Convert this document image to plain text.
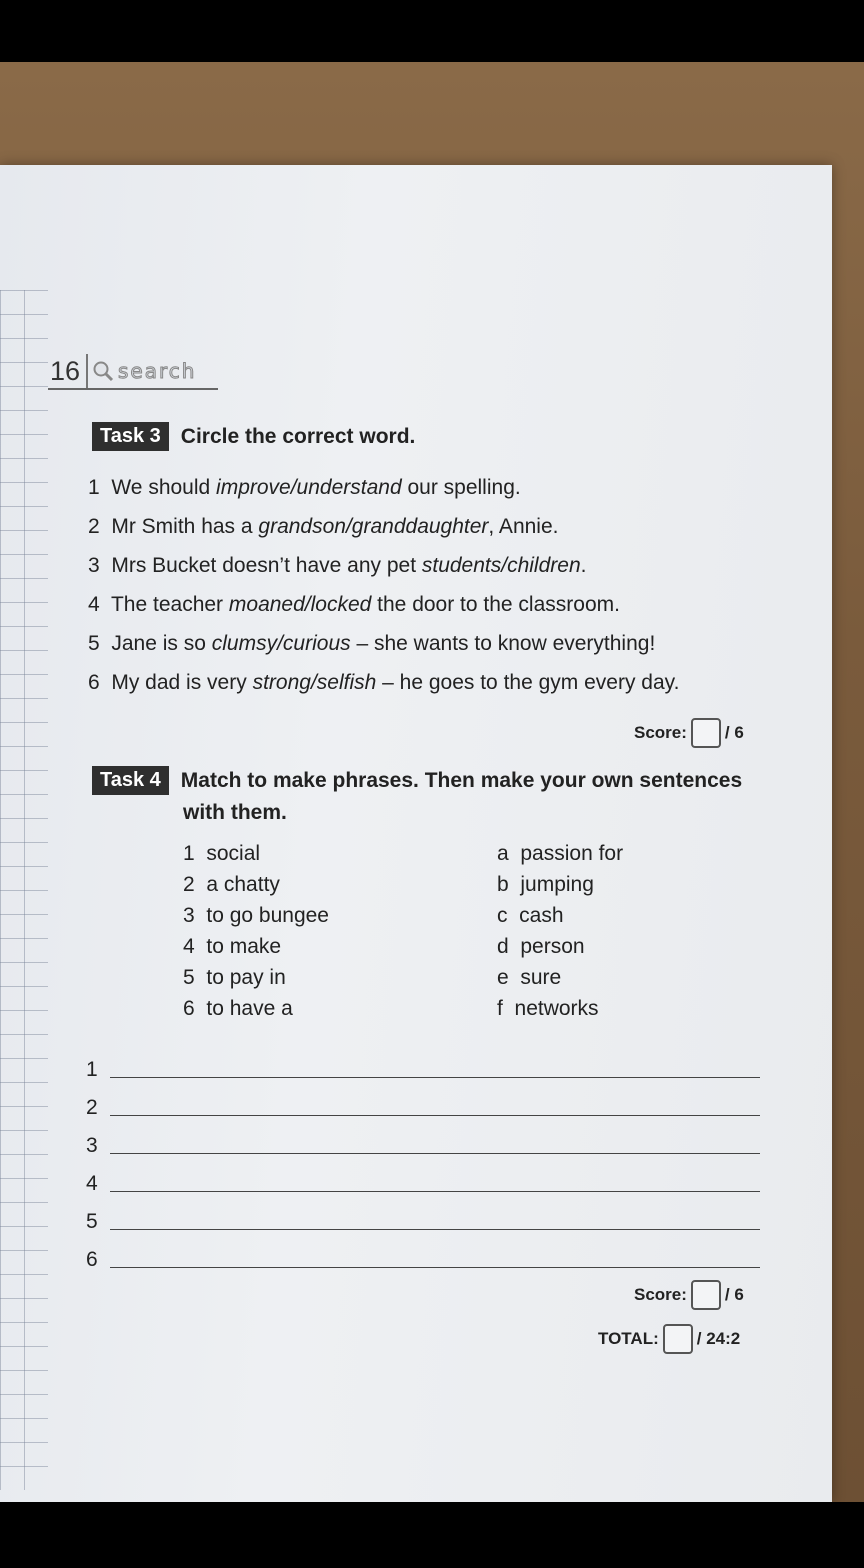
16 search
Task 3 Circle the correct word.
1 We should improve/understand our spelling.
2 Mr Smith has a grandson/granddaughter, Annie.
3 Mrs Bucket doesn’t have any pet students/children.
4 The teacher moaned/locked the door to the classroom.
5 Jane is so clumsy/curious – she wants to know everything!
6 My dad is very strong/selfish – he goes to the gym every day.
Score: / 6
Task 4 Match to make phrases. Then make your own sentences
with them.
1 social
2 a chatty
3 to go bungee
4 to make
5 to pay in
6 to have a
a passion for
b jumping
c cash
d person
e sure
f networks
1
2
3
4
5
6
Score: / 6
TOTAL: / 24:2
